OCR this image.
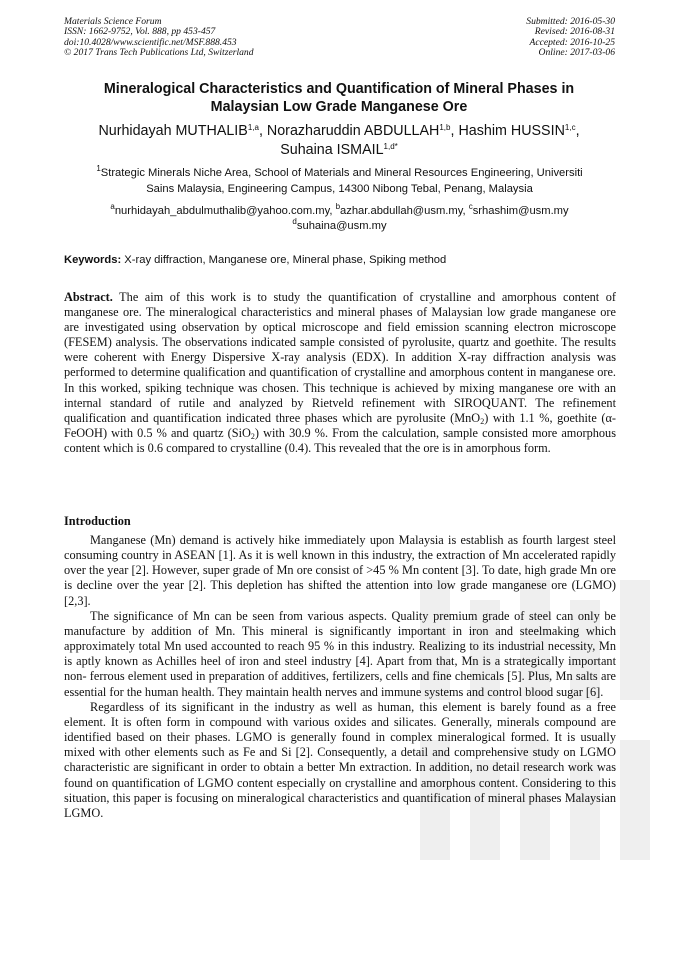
Materials Science Forum
ISSN: 1662-9752, Vol. 888, pp 453-457
doi:10.4028/www.scientific.net/MSF.888.453
© 2017 Trans Tech Publications Ltd, Switzerland
Submitted: 2016-05-30
Revised: 2016-08-31
Accepted: 2016-10-25
Online: 2017-03-06
Mineralogical Characteristics and Quantification of Mineral Phases in
Malaysian Low Grade Manganese Ore
Nurhidayah MUTHALIB$^{1,a}$, Norazharuddin ABDULLAH$^{1,b}$, Hashim HUSSIN$^{1,c}$,
Suhaina $ISMAIL^{1,d*}$
$^1$Strategic Minerals Niche Area, School of Materials and Mineral Resources Engineering, Universiti
Sains Malaysia, Engineering Campus, 14300 Nibong Tebal, Penang, Malaysia
$^a$nurhidayah_abdulmuthalib@yahoo.com.my, $^b$azhar.abdullah@usm.my, $^c$srhashim@usm.my
$^d$suhaina@usm.my
Keywords: X-ray diffraction, Manganese ore, Mineral phase, Spiking method
Abstract. The aim of this work is to study the quantification of crystalline and amorphous content of manganese ore. The mineralogical characteristics and mineral phases of Malaysian low grade manganese ore are investigated using observation by optical microscope and field emission scanning electron microscope (FESEM) analysis. The observations indicated sample consisted of pyrolusite, quartz and goethite. The results were coherent with Energy Dispersive X-ray analysis (EDX). In addition X-ray diffraction analysis was performed to determine qualification and quantification of crystalline and amorphous content in manganese ore. In this worked, spiking technique was chosen. This technique is achieved by mixing manganese ore with an internal standard of rutile and analyzed by Rietveld refinement with SIROQUANT. The refinement qualification and quantification indicated three phases which are pyrolusite (MnO$_2$) with 1.1 %, goethite (α-FeOOH) with 0.5 % and quartz (SiO$_2$) with 30.9 %. From the calculation, sample consisted more amorphous content which is 0.6 compared to crystalline (0.4). This revealed that the ore is in amorphous form.
Introduction

Manganese (Mn) demand is actively hike immediately upon Malaysia is establish as fourth largest steel consuming country in ASEAN [1]. As it is well known in this industry, the extraction of Mn accelerated rapidly over the year [2]. However, super grade of Mn ore consist of >45 % Mn content [3]. To date, high grade Mn ore is decline over the year [2]. This depletion has shifted the attention into low grade manganese ore (LGMO) [2,3].

The significance of Mn can be seen from various aspects. Quality premium grade of steel can only be manufacture by addition of Mn. This mineral is significantly important in iron and steelmaking which approximately total Mn used accounted to reach 95 % in this industry. Realizing to its industrial necessity, Mn is aptly known as Achilles heel of iron and steel industry [4]. Apart from that, Mn is a strategically important non- ferrous element used in preparation of additives, fertilizers, cells and fine chemicals [5]. Plus, Mn salts are essential for the human health. They maintain health nerves and immune systems and control blood sugar [6].

Regardless of its significant in the industry as well as human, this element is barely found as a free element. It is often form in compound with various oxides and silicates. Generally, minerals compound are identified based on their phases. LGMO is generally found in complex mineralogical formed. It is usually mixed with other elements such as Fe and Si [2]. Consequently, a detail and comprehensive study on LGMO characteristic are significant in order to obtain a better Mn extraction. In addition, no detail research work was found on quantification of LGMO content especially on crystalline and amorphous content. Considering to this situation, this paper is focusing on mineralogical characteristics and quantification of mineral phases Malaysian LGMO.
